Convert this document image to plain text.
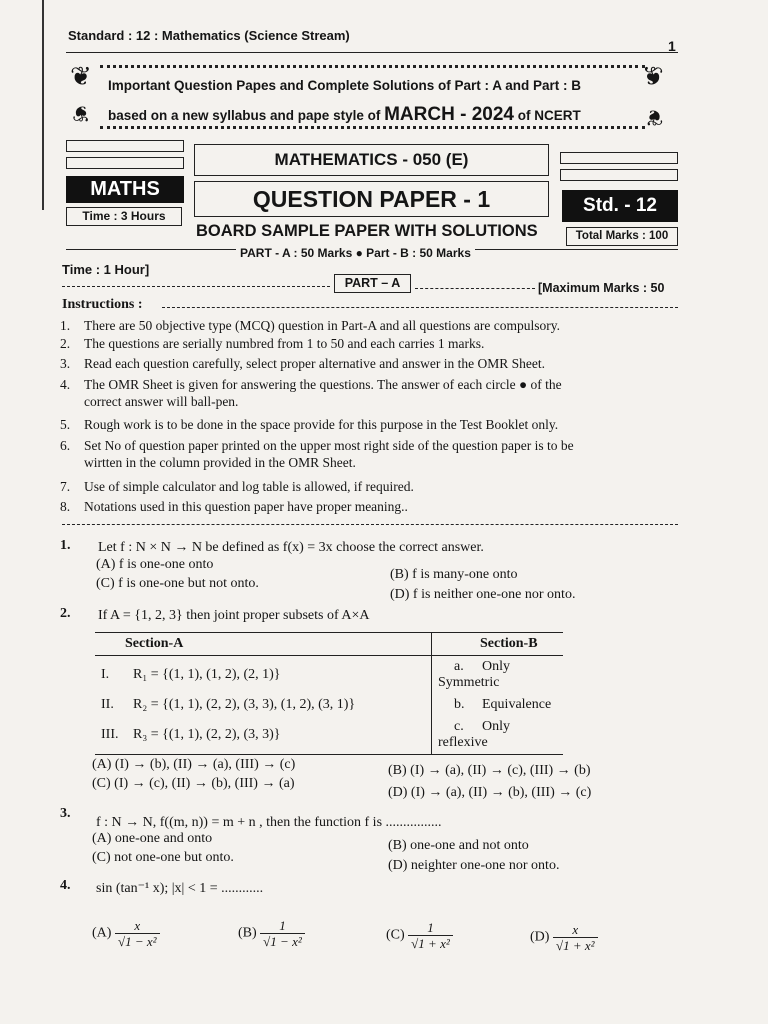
Standard : 12 : Mathematics (Science Stream)
1
❦	❦
Important Question Papes and Complete Solutions of Part : A and Part : B
based on a new syllabus and pape style of MARCH - 2024 of NCERT
❦	❦
MATHEMATICS - 050 (E)
MATHS	QUESTION PAPER - 1	Std. - 12
Time : 3 Hours
BOARD SAMPLE PAPER WITH SOLUTIONS	Total Marks : 100
PART - A : 50 Marks ● Part - B : 50 Marks
Time : 1 Hour]
PART – A	[Maximum Marks : 50
Instructions :
1. There are 50 objective type (MCQ) question in Part-A and all questions are compulsory.
2. The questions are serially numbred from 1 to 50 and each carries 1 marks.
3. Read each question carefully, select proper alternative and answer in the OMR Sheet.
4. The OMR Sheet is given for answering the questions. The answer of each circle ● of the
correct answer will ball-pen.
5. Rough work is to be done in the space provide for this purpose in the Test Booklet only.
6. Set No of question paper printed on the upper most right side of the question paper is to be
wirtten in the column provided in the OMR Sheet.
7. Use of simple calculator and log table is allowed, if required.
8. Notations used in this question paper have proper meaning..
1. Let f : N × N → N be defined as f(x) = 3x choose the correct answer.
(A) f is one-one onto
(B) f is many-one onto
(C) f is one-one but not onto.
(D) f is neither one-one nor onto.
2. If A = {1, 2, 3} then joint proper subsets of A×A
Section-A	Section-B
I. R₁ = {(1, 1), (1, 2), (2, 1)}	a. Only Symmetric
II. R₂ = {(1, 1), (2, 2), (3, 3), (1, 2), (3, 1)}	b. Equivalence
III. R₃ = {(1, 1), (2, 2), (3, 3)}	c. Only reflexive
(A) (I) → (b), (II) → (a), (III) → (c)	(B) (I) → (a), (II) → (c), (III) → (b)
(C) (I) → (c), (II) → (b), (III) → (a)
(D) (I) → (a), (II) → (b), (III) → (c)
3.
f : N → N, f((m, n)) = m + n , then the function f is ................
(A) one-one and onto	(B) one-one and not onto
(C) not one-one but onto.
(D) neighter one-one nor onto.
4. sin (tan⁻¹ x); |x| < 1 = ............
$(A) \frac{x}{\text{√1 − x²}}$	$(B) \frac{1}{\text{√1 − x²}}$	$(C) \frac{1}{\text{√1 + x²}}$	$(D) \frac{x}{\text{√1 + x²}}$
